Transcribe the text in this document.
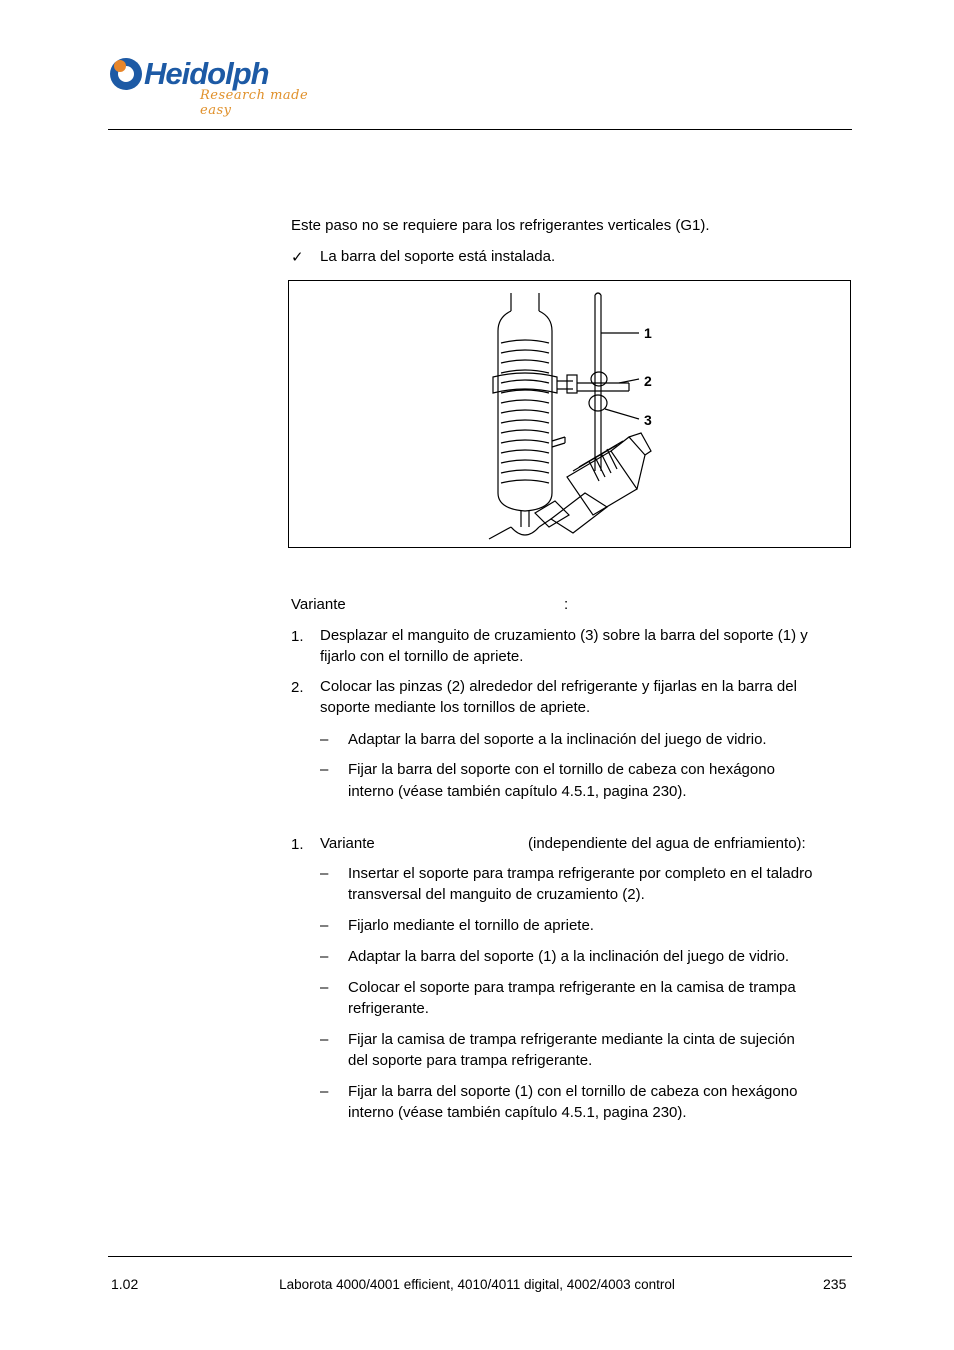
Heidolph
Research made easy
Este paso no se requiere para los refrigerantes verticales (G1).
✓ La barra del soporte está instalada.
1
2
3
Variante	:
1. Desplazar el manguito de cruzamiento (3) sobre la barra del soporte (1) y
fijarlo con el tornillo de apriete.
2. Colocar las pinzas (2) alrededor del refrigerante y fijarlas en la barra del
soporte mediante los tornillos de apriete.
– Adaptar la barra del soporte a la inclinación del juego de vidrio.
– Fijar la barra del soporte con el tornillo de cabeza con hexágono
interno (véase también capítulo 4.5.1, pagina 230).
1. Variante	(independiente del agua de enfriamiento):
– Insertar el soporte para trampa refrigerante por completo en el taladro
transversal del manguito de cruzamiento (2).
– Fijarlo mediante el tornillo de apriete.
– Adaptar la barra del soporte (1) a la inclinación del juego de vidrio.
– Colocar el soporte para trampa refrigerante en la camisa de trampa
refrigerante.
– Fijar la camisa de trampa refrigerante mediante la cinta de sujeción
del soporte para trampa refrigerante.
– Fijar la barra del soporte (1) con el tornillo de cabeza con hexágono
interno (véase también capítulo 4.5.1, pagina 230).
1.02	Laborota 4000/4001 efficient, 4010/4011 digital, 4002/4003 control	235
